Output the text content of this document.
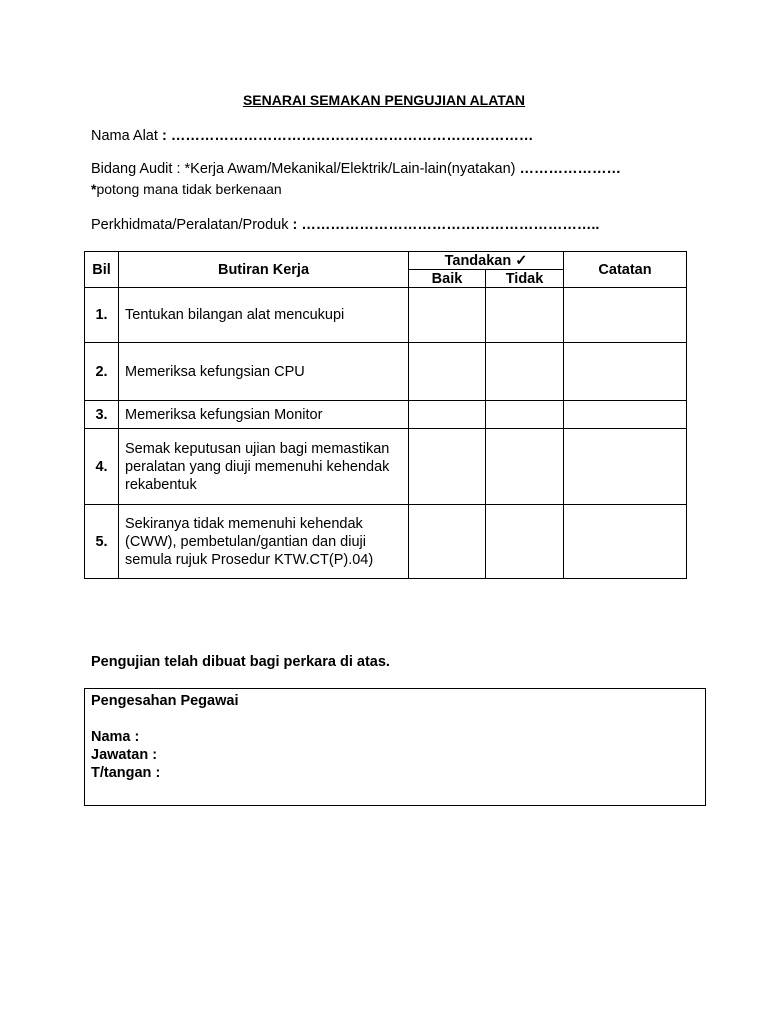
SENARAI SEMAKAN PENGUJIAN ALATAN
Nama Alat : …………………………………………………………………
Bidang Audit : *Kerja Awam/Mekanikal/Elektrik/Lain-lain(nyatakan) …………………
*potong mana tidak berkenaan
Perkhidmata/Peralatan/Produk : ……………………………………………………..
Bil	Butiran Kerja	Tandakan ✓		Catatan
		Baik	Tidak	
1.	Tentukan bilangan alat mencukupi			
2.	Memeriksa kefungsian CPU			
3.	Memeriksa kefungsian Monitor			
4.	Semak keputusan ujian bagi memastikan peralatan yang diuji memenuhi kehendak rekabentuk			
5.	Sekiranya tidak memenuhi kehendak (CWW), pembetulan/gantian dan diuji semula rujuk Prosedur KTW.CT(P).04)			
Pengujian telah dibuat bagi perkara di atas.
Pengesahan Pegawai
Nama :
Jawatan :
T/tangan :
